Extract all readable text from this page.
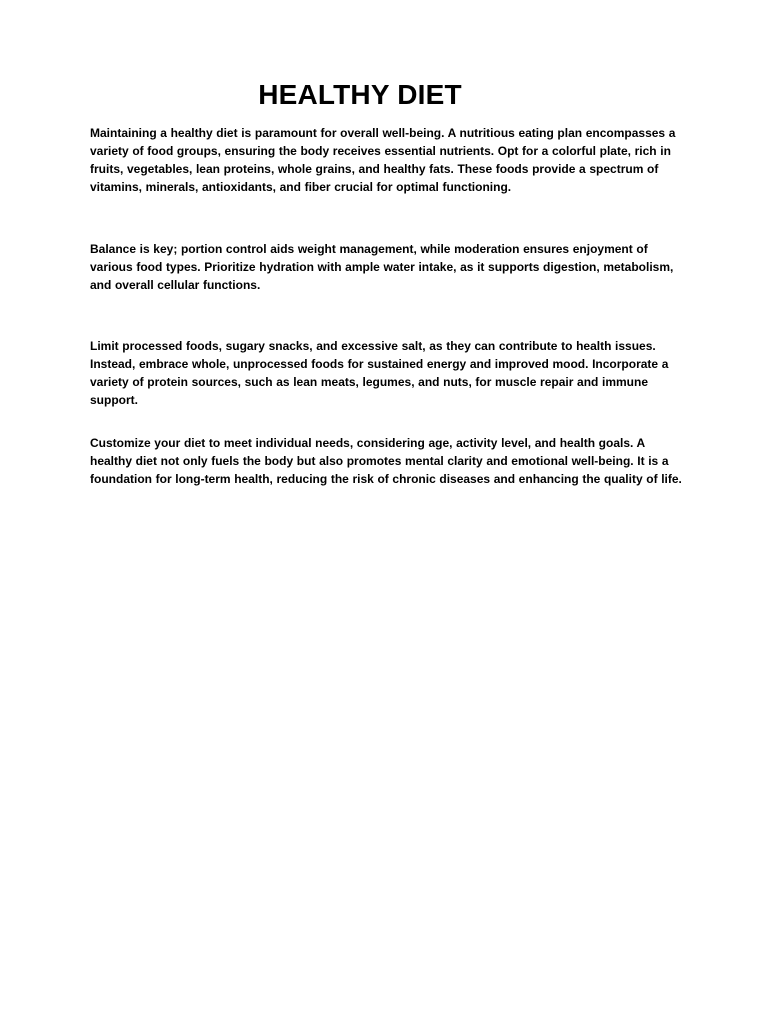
HEALTHY DIET

Maintaining a healthy diet is paramount for overall well-being. A nutritious eating plan encompasses a variety of food groups, ensuring the body receives essential nutrients. Opt for a colorful plate, rich in fruits, vegetables, lean proteins, whole grains, and healthy fats. These foods provide a spectrum of vitamins, minerals, antioxidants, and fiber crucial for optimal functioning.

Balance is key; portion control aids weight management, while moderation ensures enjoyment of various food types. Prioritize hydration with ample water intake, as it supports digestion, metabolism, and overall cellular functions.

Limit processed foods, sugary snacks, and excessive salt, as they can contribute to health issues. Instead, embrace whole, unprocessed foods for sustained energy and improved mood. Incorporate a variety of protein sources, such as lean meats, legumes, and nuts, for muscle repair and immune support.

Customize your diet to meet individual needs, considering age, activity level, and health goals. A healthy diet not only fuels the body but also promotes mental clarity and emotional well-being. It is a foundation for long-term health, reducing the risk of chronic diseases and enhancing the quality of life.
